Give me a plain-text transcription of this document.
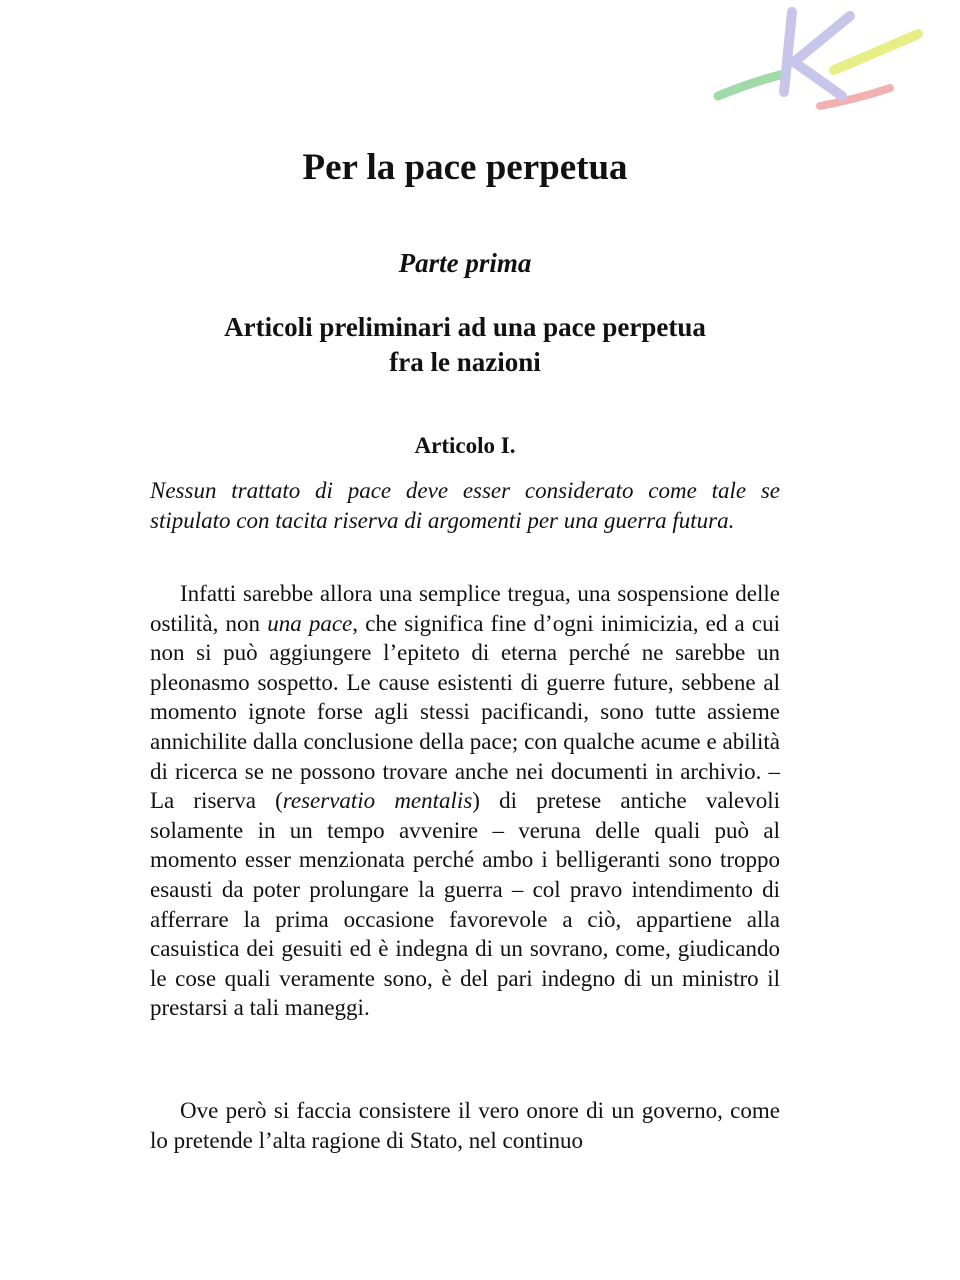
Per la pace perpetua
Parte prima
Articoli preliminari ad una pace perpetua
fra le nazioni
Articolo I.

Nessun trattato di pace deve esser considerato come tale se stipulato con tacita riserva di argomenti per una guerra futura.

Infatti sarebbe allora una semplice tregua, una sospensione delle ostilità, non una pace, che significa fine d’ogni inimicizia, ed a cui non si può aggiungere l’epiteto di eterna perché ne sarebbe un pleonasmo sospetto. Le cause esistenti di guerre future, sebbene al momento ignote forse agli stessi pacificandi, sono tutte assieme annichilite dalla conclusione della pace; con qualche acume e abilità di ricerca se ne possono trovare anche nei documenti in archivio. – La riserva (reservatio mentalis) di pretese antiche valevoli solamente in un tempo avvenire – veruna delle quali può al momento esser menzionata perché ambo i belligeranti sono troppo esausti da poter prolungare la guerra – col pravo intendimento di afferrare la prima occasione favorevole a ciò, appartiene alla casuistica dei gesuiti ed è indegna di un sovrano, come, giudicando le cose quali veramente sono, è del pari indegno di un ministro il prestarsi a tali maneggi.

Ove però si faccia consistere il vero onore di un governo, come lo pretende l’alta ragione di Stato, nel continuo
